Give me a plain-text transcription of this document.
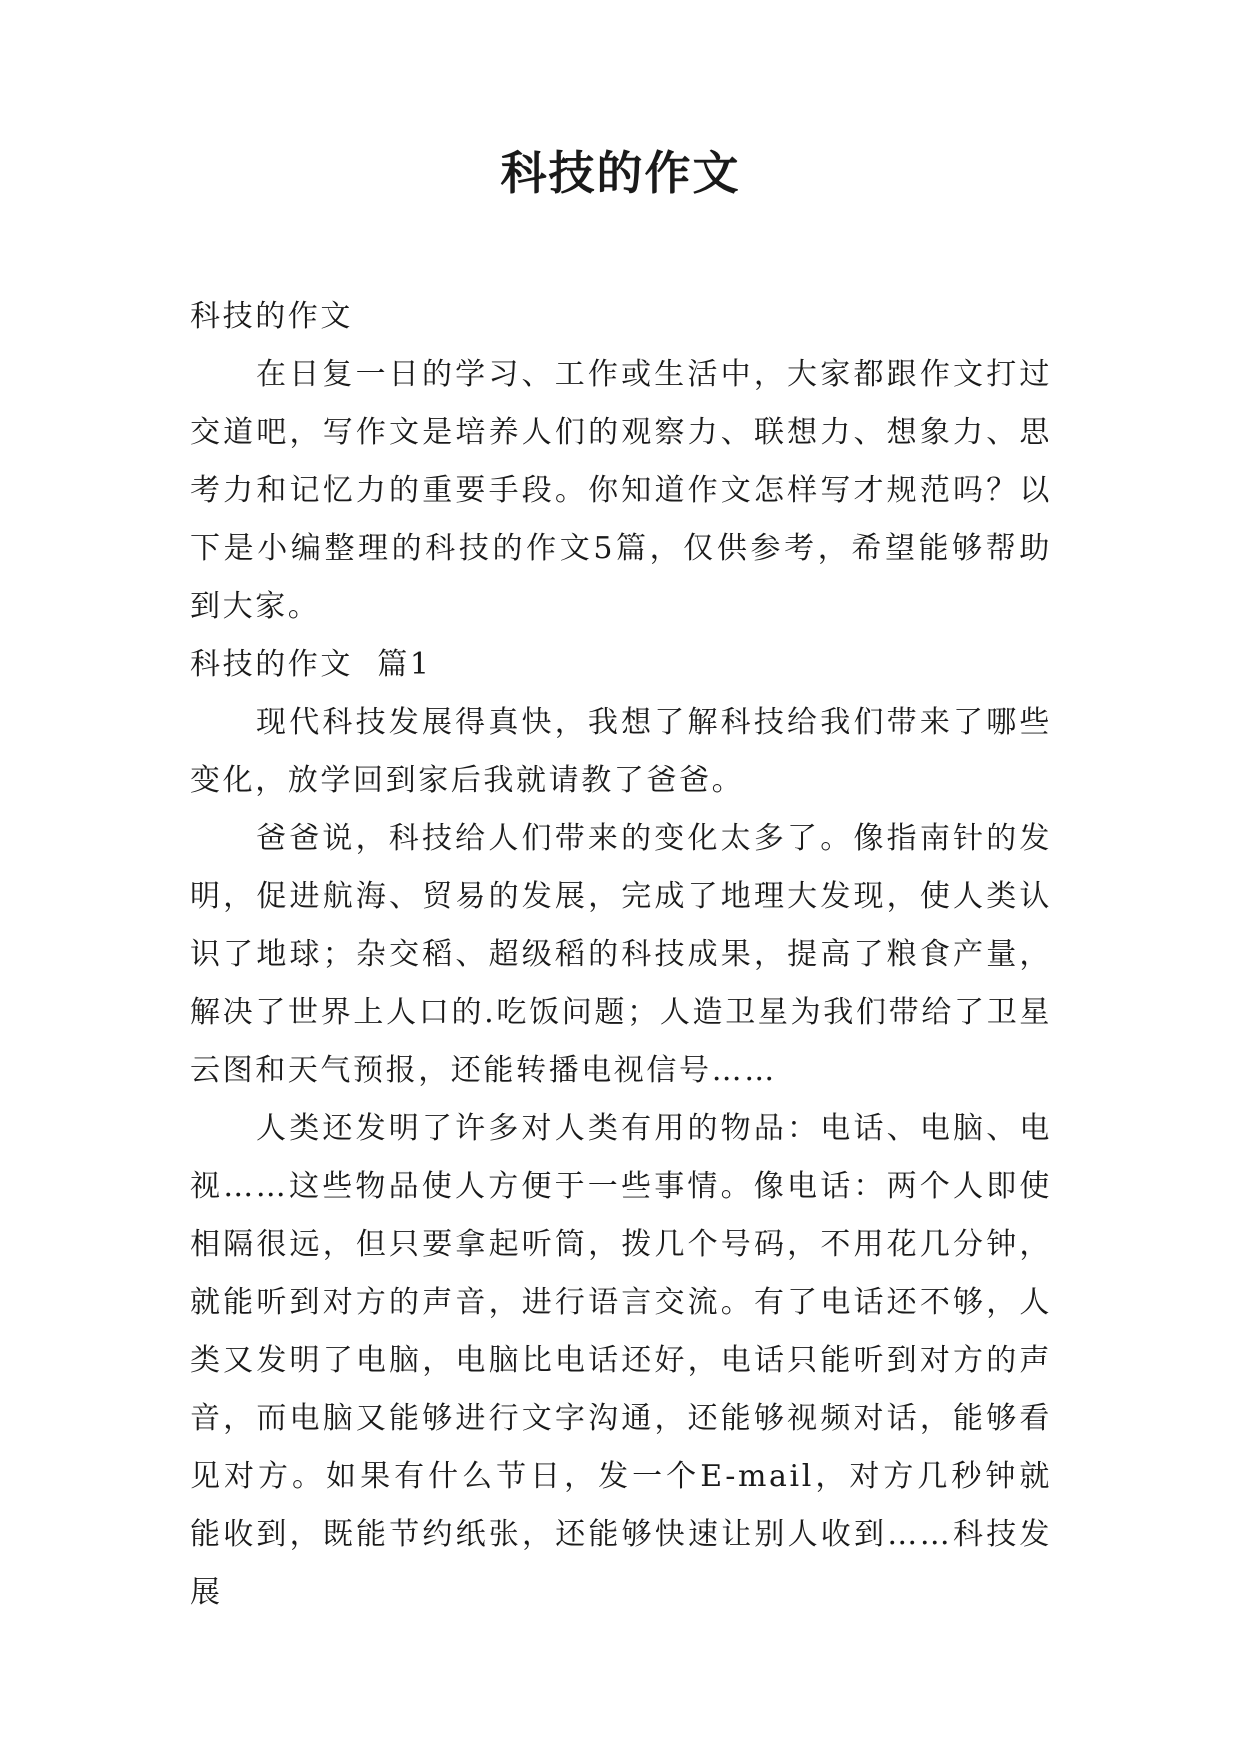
科技的作文

科技的作文

在日复一日的学习、工作或生活中，大家都跟作文打过交道吧，写作文是培养人们的观察力、联想力、想象力、思考力和记忆力的重要手段。你知道作文怎样写才规范吗？以下是小编整理的科技的作文5篇，仅供参考，希望能够帮助到大家。

科技的作文  篇1

现代科技发展得真快，我想了解科技给我们带来了哪些变化，放学回到家后我就请教了爸爸。

爸爸说，科技给人们带来的变化太多了。像指南针的发明，促进航海、贸易的发展，完成了地理大发现，使人类认识了地球；杂交稻、超级稻的科技成果，提高了粮食产量，解决了世界上人口的.吃饭问题；人造卫星为我们带给了卫星云图和天气预报，还能转播电视信号……

人类还发明了许多对人类有用的物品：电话、电脑、电视……这些物品使人方便于一些事情。像电话：两个人即使相隔很远，但只要拿起听筒，拨几个号码，不用花几分钟，就能听到对方的声音，进行语言交流。有了电话还不够，人类又发明了电脑，电脑比电话还好，电话只能听到对方的声音，而电脑又能够进行文字沟通，还能够视频对话，能够看见对方。如果有什么节日，发一个E-mail，对方几秒钟就能收到，既能节约纸张，还能够快速让别人收到……科技发展
